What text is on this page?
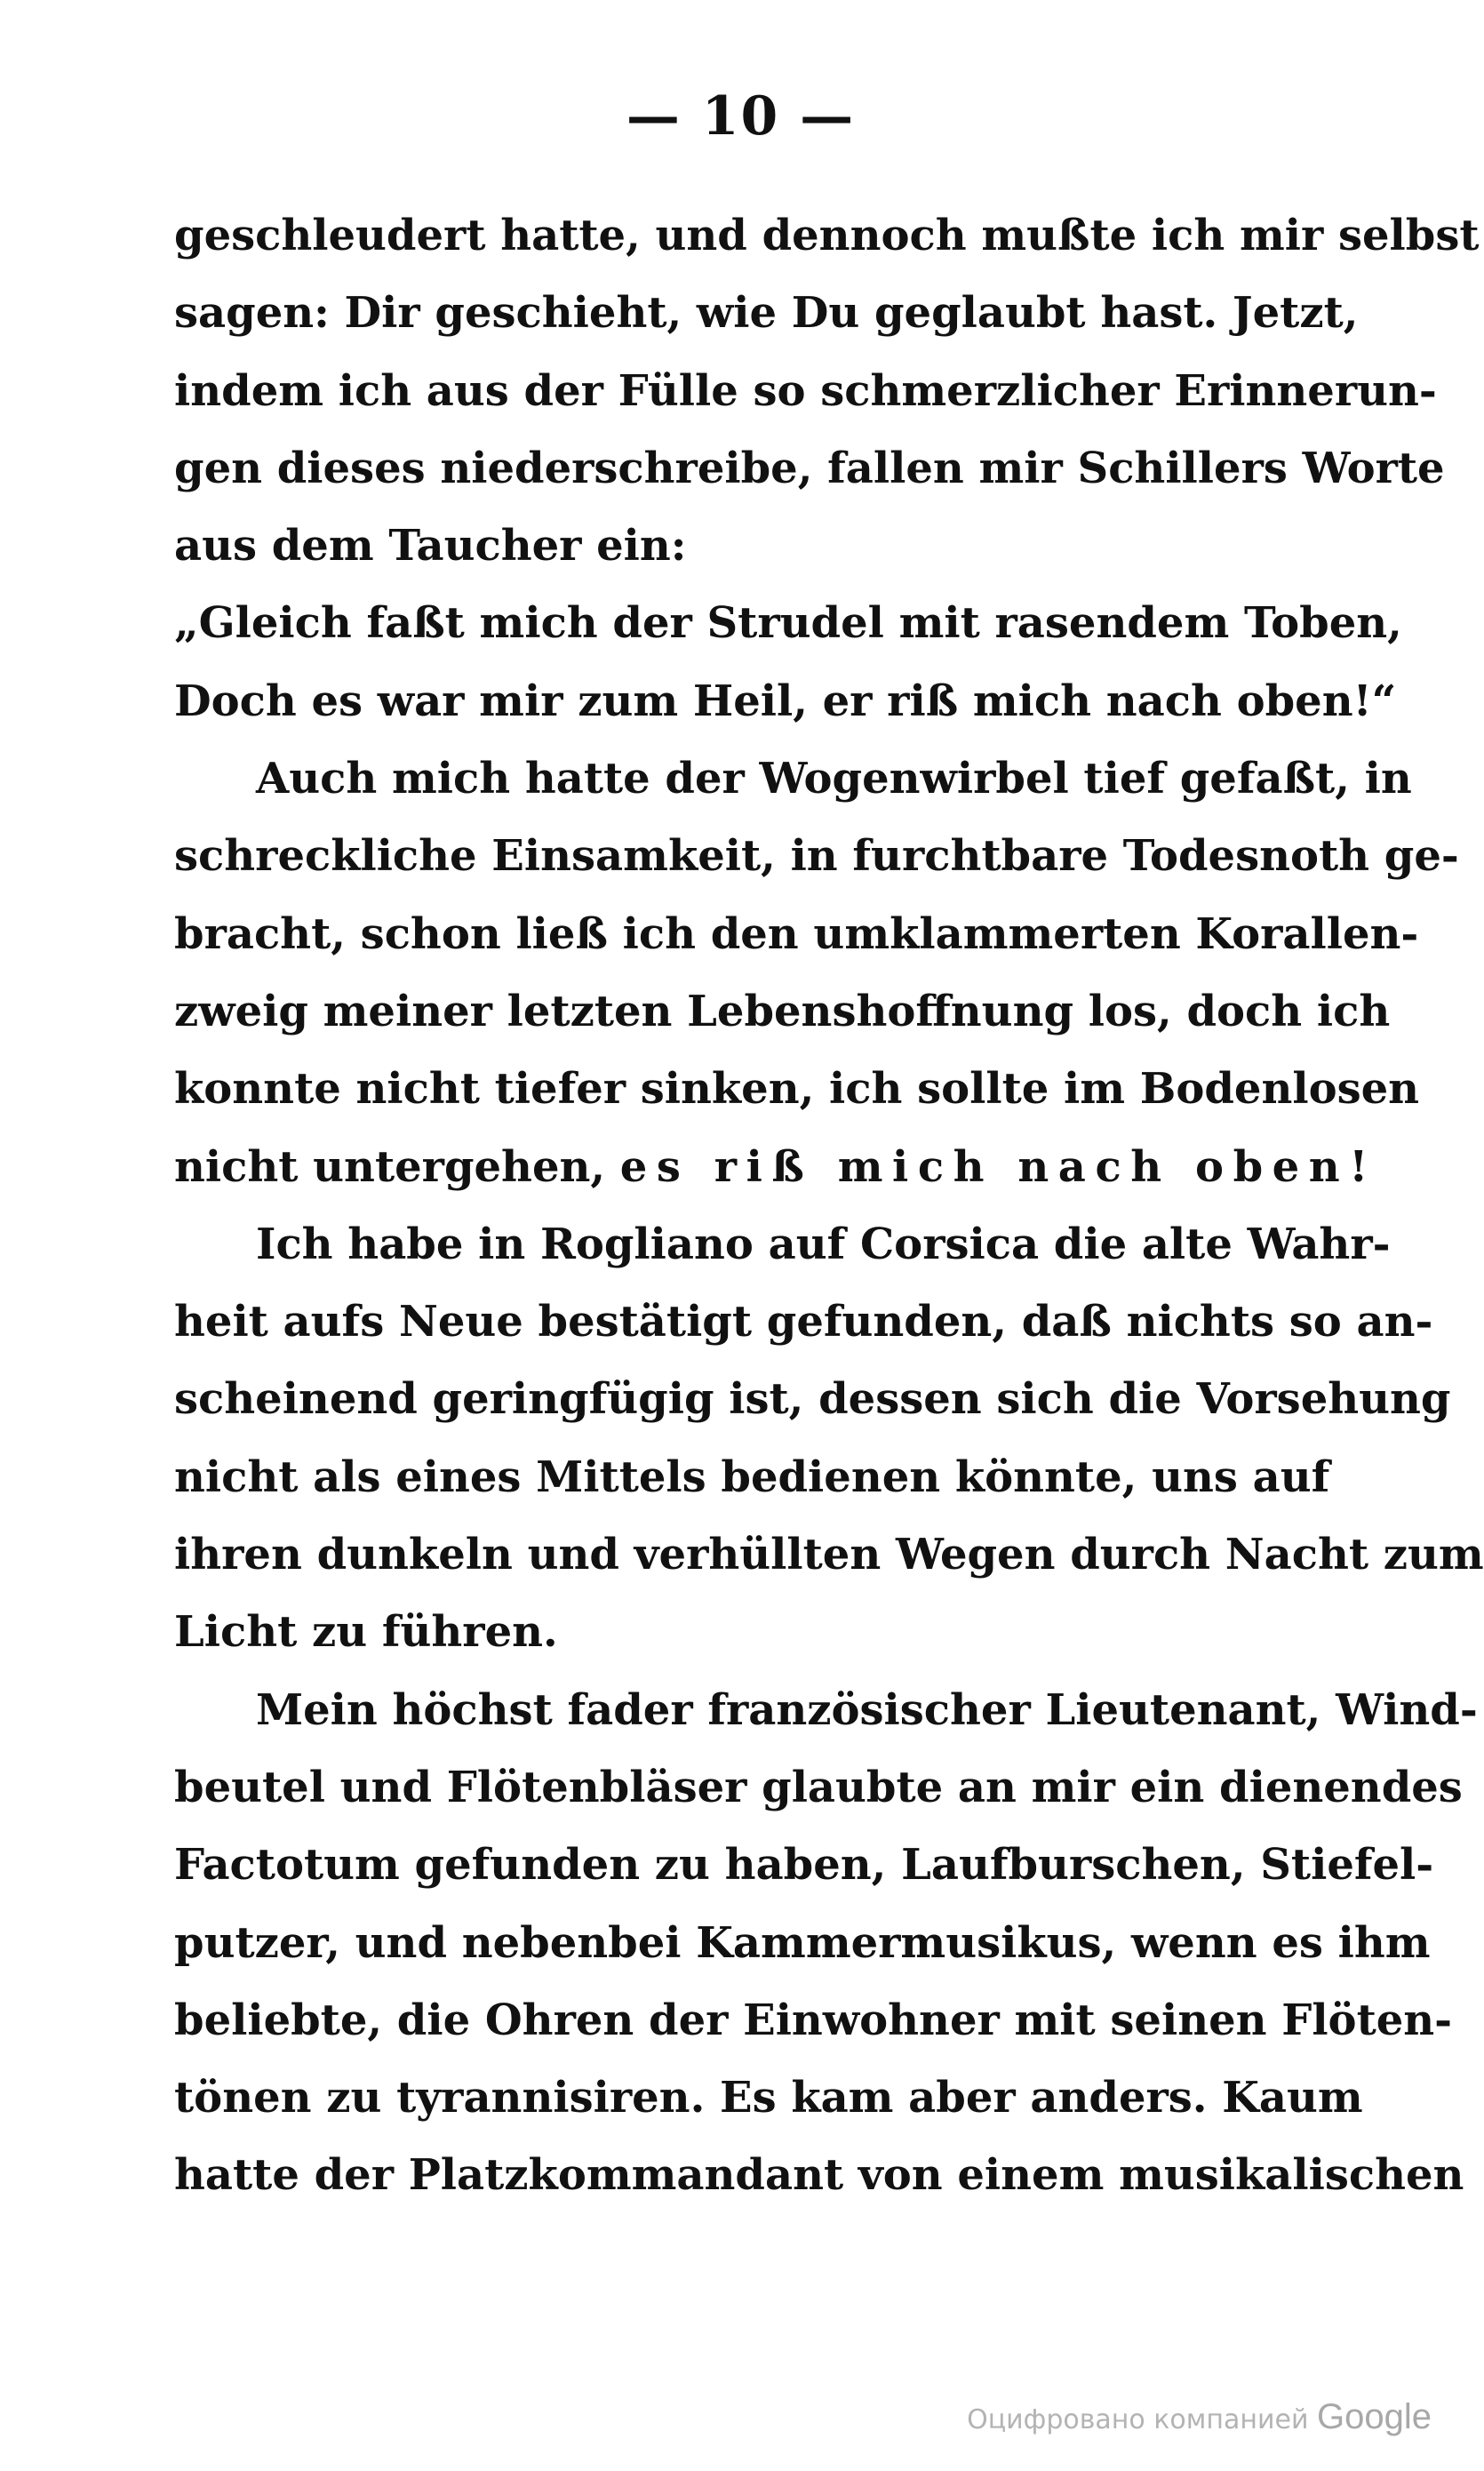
— 10 —
geschleudert hatte, und dennoch mußte ich mir selbst
sagen: Dir geschieht, wie Du geglaubt hast. Jetzt,
indem ich aus der Fülle so schmerzlicher Erinnerun-
gen dieses niederschreibe, fallen mir Schillers Worte
aus dem Taucher ein:
„Gleich faßt mich der Strudel mit rasendem Toben,
Doch es war mir zum Heil, er riß mich nach oben!“
Auch mich hatte der Wogenwirbel tief gefaßt, in
schreckliche Einsamkeit, in furchtbare Todesnoth ge-
bracht, schon ließ ich den umklammerten Korallen-
zweig meiner letzten Lebenshoffnung los, doch ich
konnte nicht tiefer sinken, ich sollte im Bodenlosen
nicht untergehen, es riß mich nach oben!
Ich habe in Rogliano auf Corsica die alte Wahr-
heit aufs Neue bestätigt gefunden, daß nichts so an-
scheinend geringfügig ist, dessen sich die Vorsehung
nicht als eines Mittels bedienen könnte, uns auf
ihren dunkeln und verhüllten Wegen durch Nacht zum
Licht zu führen.
Mein höchst fader französischer Lieutenant, Wind-
beutel und Flötenbläser glaubte an mir ein dienendes
Factotum gefunden zu haben, Laufburschen, Stiefel-
putzer, und nebenbei Kammermusikus, wenn es ihm
beliebte, die Ohren der Einwohner mit seinen Flöten-
tönen zu tyrannisiren. Es kam aber anders. Kaum
hatte der Platzkommandant von einem musikalischen
Оцифровано компанией Google
